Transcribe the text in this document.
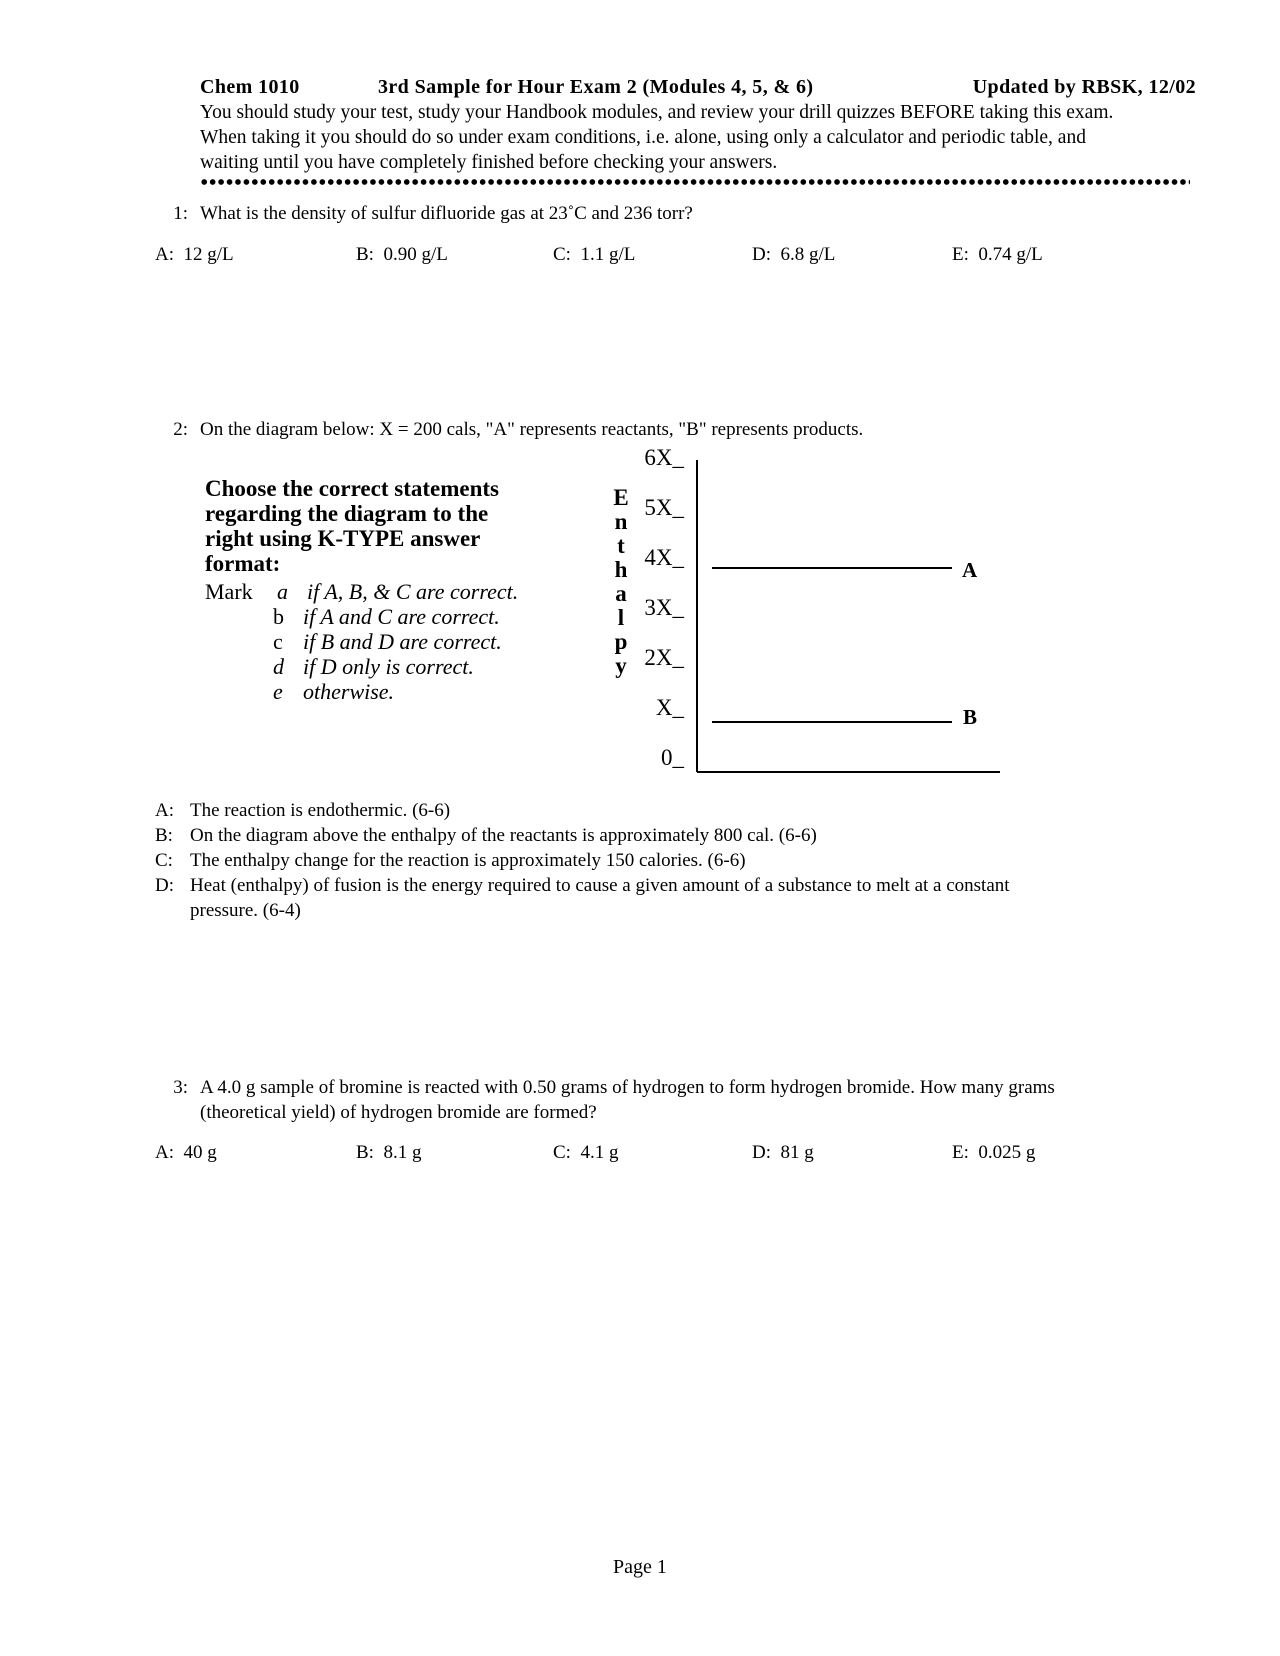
Chem 1010	3rd Sample for Hour Exam 2 (Modules 4, 5, & 6)	Updated by RBSK, 12/02
You should study your test, study your Handbook modules, and review your drill quizzes BEFORE taking this exam.
When taking it you should do so under exam conditions, i.e. alone, using only a calculator and periodic table, and
waiting until you have completely finished before checking your answers.
1: What is the density of sulfur difluoride gas at 23˚C and 236 torr?
A: 12 g/L	B: 0.90 g/L	C: 1.1 g/L	D: 6.8 g/L	E: 0.74 g/L
2: On the diagram below: X = 200 cals, "A" represents reactants, "B" represents products.
Choose the correct statements
regarding the diagram to the
right using K-TYPE answer
format:
Mark a if A, B, & C are correct.
b if A and C are correct.
c if B and D are correct.
d if D only is correct.
e otherwise.
E
n
t
h
a
l
p
y
6X_
5X_
4X_
3X_
2X_
X_
0_
A
B
A: The reaction is endothermic. (6-6)
B: On the diagram above the enthalpy of the reactants is approximately 800 cal. (6-6)
C: The enthalpy change for the reaction is approximately 150 calories. (6-6)
D: Heat (enthalpy) of fusion is the energy required to cause a given amount of a substance to melt at a constant
pressure. (6-4)
3: A 4.0 g sample of bromine is reacted with 0.50 grams of hydrogen to form hydrogen bromide. How many grams
(theoretical yield) of hydrogen bromide are formed?
A: 40 g	B: 8.1 g	C: 4.1 g	D: 81 g	E: 0.025 g
Page 1
